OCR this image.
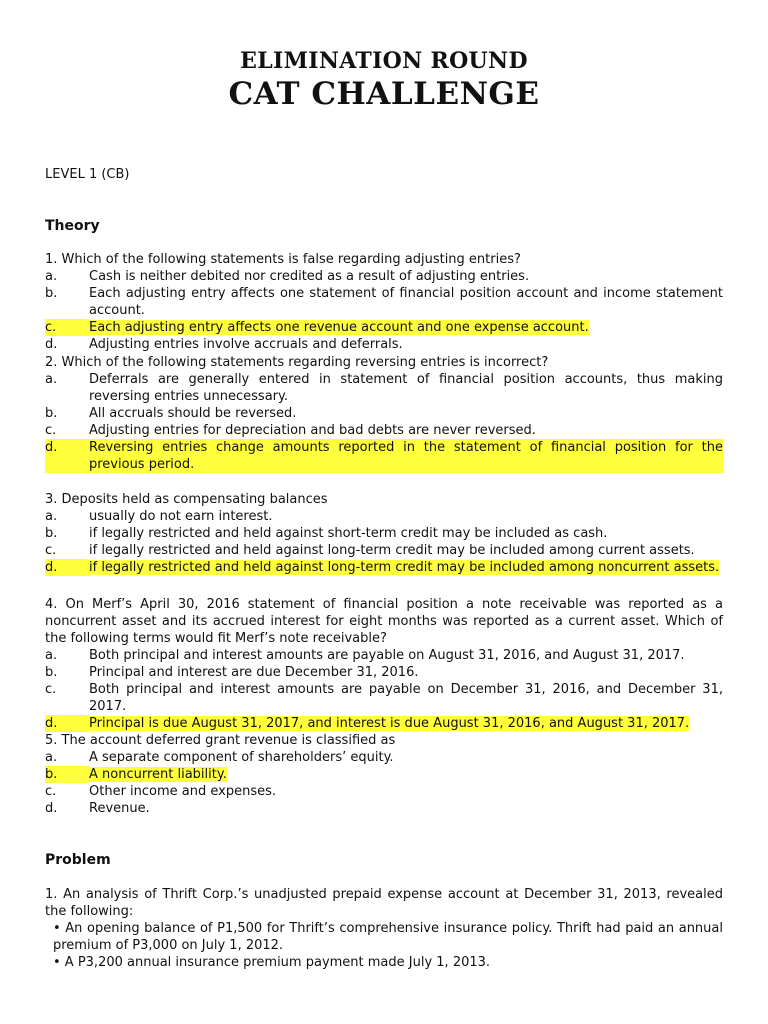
ELIMINATION ROUND
CAT CHALLENGE
LEVEL 1 (CB)
Theory
1. Which of the following statements is false regarding adjusting entries?
a.	Cash is neither debited nor credited as a result of adjusting entries.
b.	Each adjusting entry affects one statement of financial position account and income statement account.
c.	Each adjusting entry affects one revenue account and one expense account.
d.	Adjusting entries involve accruals and deferrals.
2. Which of the following statements regarding reversing entries is incorrect?
a.	Deferrals are generally entered in statement of financial position accounts, thus making reversing entries unnecessary.
b.	All accruals should be reversed.
c.	Adjusting entries for depreciation and bad debts are never reversed.
d.	Reversing entries change amounts reported in the statement of financial position for the previous period.
3. Deposits held as compensating balances
a.	usually do not earn interest.
b.	if legally restricted and held against short-term credit may be included as cash.
c.	if legally restricted and held against long-term credit may be included among current assets.
d.	if legally restricted and held against long-term credit may be included among noncurrent assets.
4. On Merf’s April 30, 2016 statement of financial position a note receivable was reported as a noncurrent asset and its accrued interest for eight months was reported as a current asset. Which of the following terms would fit Merf’s note receivable?
a.	Both principal and interest amounts are payable on August 31, 2016, and August 31, 2017.
b.	Principal and interest are due December 31, 2016.
c.	Both principal and interest amounts are payable on December 31, 2016, and December 31, 2017.
d.	Principal is due August 31, 2017, and interest is due August 31, 2016, and August 31, 2017.
5. The account deferred grant revenue is classified as
a.	A separate component of shareholders’ equity.
b.	A noncurrent liability.
c.	Other income and expenses.
d.	Revenue.
Problem
1. An analysis of Thrift Corp.’s unadjusted prepaid expense account at December 31, 2013, revealed the following:
• An opening balance of P1,500 for Thrift’s comprehensive insurance policy. Thrift had paid an annual premium of P3,000 on July 1, 2012.
• A P3,200 annual insurance premium payment made July 1, 2013.
